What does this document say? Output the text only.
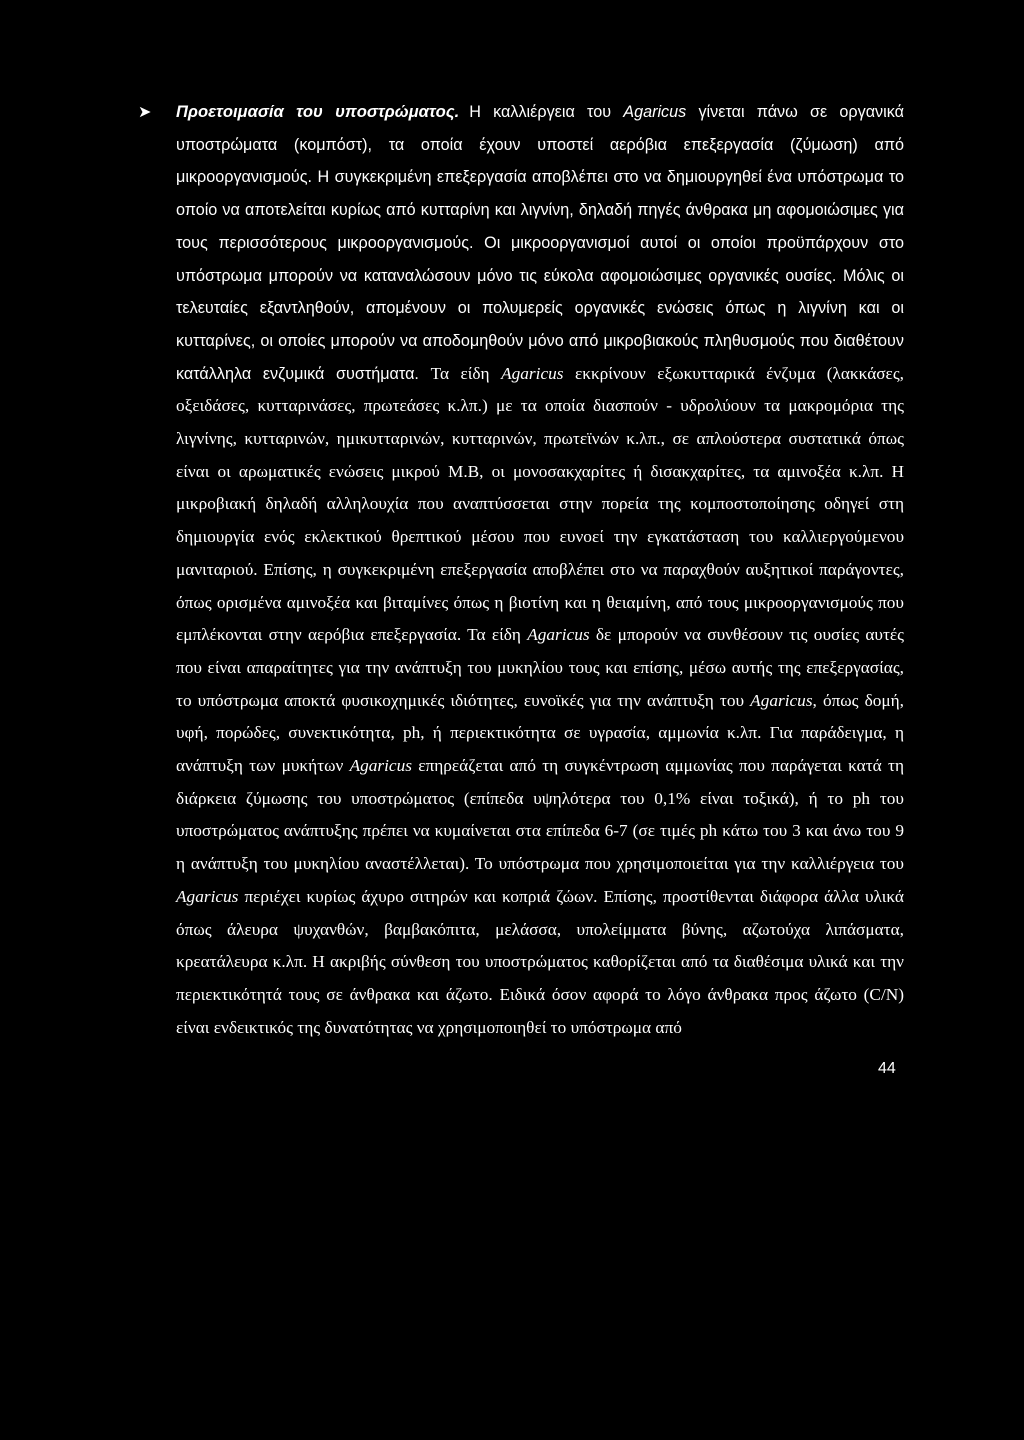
➤ Προετοιμασία του υποστρώματος. Η καλλιέργεια του Agaricus γίνεται πάνω σε οργανικά υποστρώματα (κομπόστ), τα οποία έχουν υποστεί αερόβια επεξεργασία (ζύμωση) από μικροοργανισμούς. Η συγκεκριμένη επεξεργασία αποβλέπει στο να δημιουργηθεί ένα υπόστρωμα το οποίο να αποτελείται κυρίως από κυτταρίνη και λιγνίνη, δηλαδή πηγές άνθρακα μη αφομοιώσιμες για τους περισσότερους μικροοργανισμούς. Οι μικροοργανισμοί αυτοί οι οποίοι προϋπάρχουν στο υπόστρωμα μπορούν να καταναλώσουν μόνο τις εύκολα αφομοιώσιμες οργανικές ουσίες. Μόλις οι τελευταίες εξαντληθούν, απομένουν οι πολυμερείς οργανικές ενώσεις όπως η λιγνίνη και οι κυτταρίνες, οι οποίες μπορούν να αποδομηθούν μόνο από μικροβιακούς πληθυσμούς που διαθέτουν κατάλληλα ενζυμικά συστήματα. Τα είδη Agaricus εκκρίνουν εξωκυτταρικά ένζυμα (λακκάσες, οξειδάσες, κυτταρινάσες, πρωτεάσες κ.λπ.) με τα οποία διασπούν - υδρολύουν τα μακρομόρια της λιγνίνης, κυτταρινών, ημικυτταρινών, κυτταρινών, πρωτεϊνών κ.λπ., σε απλούστερα συστατικά όπως είναι οι αρωματικές ενώσεις μικρού Μ.Β, οι μονοσακχαρίτες ή δισακχαρίτες, τα αμινοξέα κ.λπ. Η μικροβιακή δηλαδή αλληλουχία που αναπτύσσεται στην πορεία της κομποστοποίησης οδηγεί στη δημιουργία ενός εκλεκτικού θρεπτικού μέσου που ευνοεί την εγκατάσταση του καλλιεργούμενου μανιταριού. Επίσης, η συγκεκριμένη επεξεργασία αποβλέπει στο να παραχθούν αυξητικοί παράγοντες, όπως ορισμένα αμινοξέα και βιταμίνες όπως η βιοτίνη και η θειαμίνη, από τους μικροοργανισμούς που εμπλέκονται στην αερόβια επεξεργασία. Τα είδη Agaricus δε μπορούν να συνθέσουν τις ουσίες αυτές που είναι απαραίτητες για την ανάπτυξη του μυκηλίου τους και επίσης, μέσω αυτής της επεξεργασίας, το υπόστρωμα αποκτά φυσικοχημικές ιδιότητες, ευνοϊκές για την ανάπτυξη του Agaricus, όπως δομή, υφή, πορώδες, συνεκτικότητα, ph, ή περιεκτικότητα σε υγρασία, αμμωνία κ.λπ. Για παράδειγμα, η ανάπτυξη των μυκήτων Agaricus επηρεάζεται από τη συγκέντρωση αμμωνίας που παράγεται κατά τη διάρκεια ζύμωσης του υποστρώματος (επίπεδα υψηλότερα του 0,1% είναι τοξικά), ή το ph του υποστρώματος ανάπτυξης πρέπει να κυμαίνεται στα επίπεδα 6-7 (σε τιμές ph κάτω του 3 και άνω του 9 η ανάπτυξη του μυκηλίου αναστέλλεται). Το υπόστρωμα που χρησιμοποιείται για την καλλιέργεια του Agaricus περιέχει κυρίως άχυρο σιτηρών και κοπριά ζώων. Επίσης, προστίθενται διάφορα άλλα υλικά όπως άλευρα ψυχανθών, βαμβακόπιτα, μελάσσα, υπολείμματα βύνης, αζωτούχα λιπάσματα, κρεατάλευρα κ.λπ. Η ακριβής σύνθεση του υποστρώματος καθορίζεται από τα διαθέσιμα υλικά και την περιεκτικότητά τους σε άνθρακα και άζωτο. Ειδικά όσον αφορά το λόγο άνθρακα προς άζωτο (C/N) είναι ενδεικτικός της δυνατότητας να χρησιμοποιηθεί το υπόστρωμα από
44
